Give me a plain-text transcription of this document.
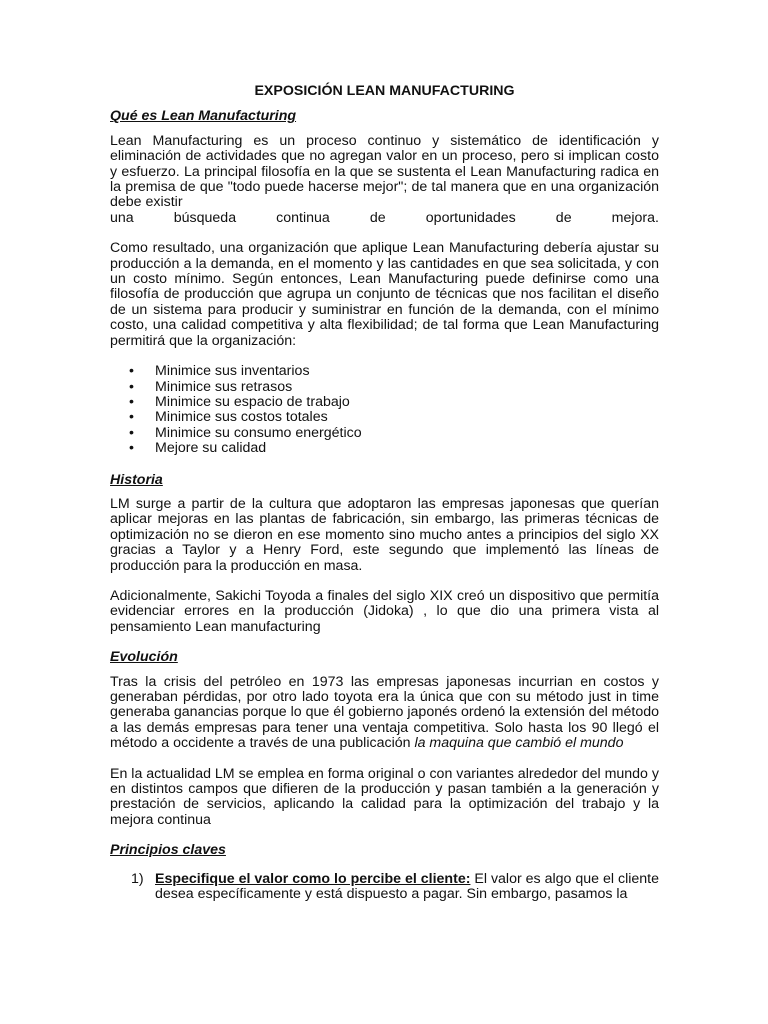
EXPOSICIÓN LEAN MANUFACTURING
Qué es Lean Manufacturing
Lean Manufacturing es un proceso continuo y sistemático de identificación y eliminación de actividades que no agregan valor en un proceso, pero si implican costo y esfuerzo. La principal filosofía en la que se sustenta el Lean Manufacturing radica en la premisa de que "todo puede hacerse mejor"; de tal manera que en una organización debe existir
una búsqueda continua de oportunidades de mejora.
Como resultado, una organización que aplique Lean Manufacturing debería ajustar su producción a la demanda, en el momento y las cantidades en que sea solicitada, y con un costo mínimo. Según entonces, Lean Manufacturing puede definirse como una filosofía de producción que agrupa un conjunto de técnicas que nos facilitan el diseño de un sistema para producir y suministrar en función de la demanda, con el mínimo costo, una calidad competitiva y alta flexibilidad; de tal forma que Lean Manufacturing permitirá que la organización:
• Minimice sus inventarios
• Minimice sus retrasos
• Minimice su espacio de trabajo
• Minimice sus costos totales
• Minimice su consumo energético
• Mejore su calidad
Historia
LM surge a partir de la cultura que adoptaron las empresas japonesas que querían aplicar mejoras en las plantas de fabricación, sin embargo, las primeras técnicas de optimización no se dieron en ese momento sino mucho antes a principios del siglo XX gracias a Taylor y a Henry Ford, este segundo que implementó las líneas de producción para la producción en masa.
Adicionalmente, Sakichi Toyoda a finales del siglo XIX creó un dispositivo que permitía evidenciar errores en la producción (Jidoka) , lo que dio una primera vista al pensamiento Lean manufacturing
Evolución
Tras la crisis del petróleo en 1973 las empresas japonesas incurrian en costos y generaban pérdidas, por otro lado toyota era la única que con su método just in time generaba ganancias porque lo que él gobierno japonés ordenó la extensión del método a las demás empresas para tener una ventaja competitiva. Solo hasta los 90 llegó el método a occidente a través de una publicación la maquina que cambió el mundo
En la actualidad LM se emplea en forma original o con variantes alrededor del mundo y en distintos campos que difieren de la producción y pasan también a la generación y prestación de servicios, aplicando la calidad para la optimización del trabajo y la mejora continua
Principios claves
1) Especifique el valor como lo percibe el cliente: El valor es algo que el cliente desea específicamente y está dispuesto a pagar. Sin embargo, pasamos la
